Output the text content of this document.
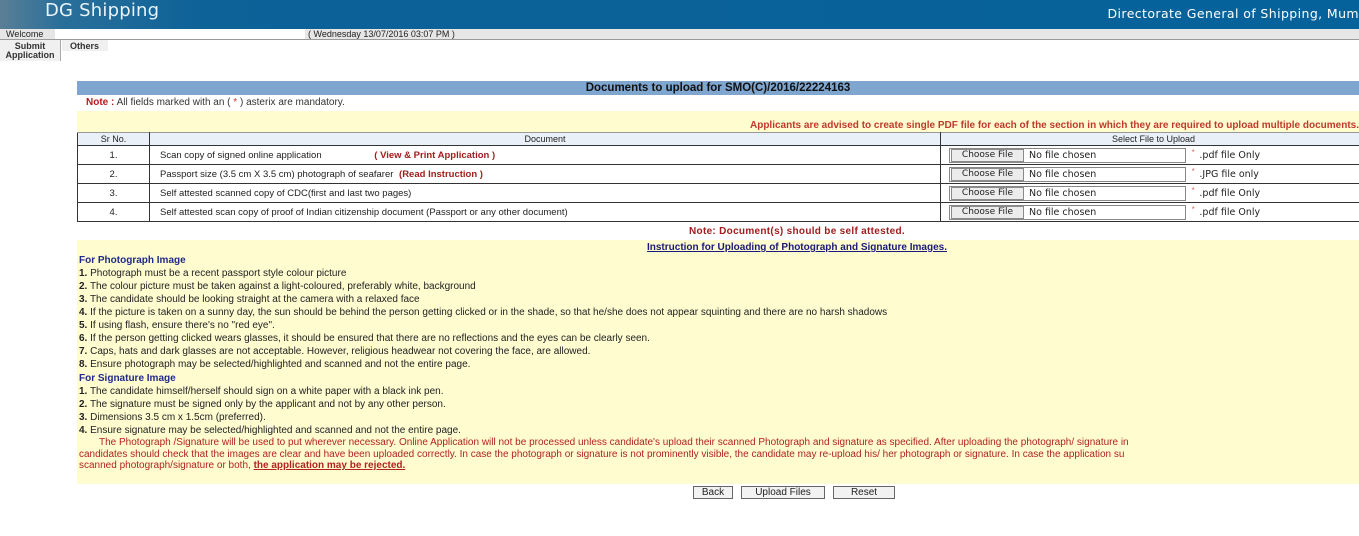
DG Shipping	Directorate General of Shipping, Mum
Welcome	( Wednesday 13/07/2016 03:07 PM )
Submit Application
Others
Documents to upload for SMO(C)/2016/22224163
Note : All fields marked with an ( * ) asterix are mandatory.
Applicants are advised to create single PDF file for each of the section in which they are required to upload multiple documents.
Sr No.	Document	Select File to Upload
1.	Scan copy of signed online application ( View & Print Application )	Choose File No file chosen * .pdf file Only
2.	Passport size (3.5 cm X 3.5 cm) photograph of seafarer (Read Instruction )	Choose File No file chosen * .JPG file only
3.	Self attested scanned copy of CDC(first and last two pages)	Choose File No file chosen * .pdf file Only
4.	Self attested scan copy of proof of Indian citizenship document (Passport or any other document)	Choose File No file chosen * .pdf file Only
Note: Document(s) should be self attested.
Instruction for Uploading of Photograph and Signature Images.
For Photograph Image
1. Photograph must be a recent passport style colour picture
2. The colour picture must be taken against a light-coloured, preferably white, background
3. The candidate should be looking straight at the camera with a relaxed face
4. If the picture is taken on a sunny day, the sun should be behind the person getting clicked or in the shade, so that he/she does not appear squinting and there are no harsh shadows
5. If using flash, ensure there's no "red eye".
6. If the person getting clicked wears glasses, it should be ensured that there are no reflections and the eyes can be clearly seen.
7. Caps, hats and dark glasses are not acceptable. However, religious headwear not covering the face, are allowed.
8. Ensure photograph may be selected/highlighted and scanned and not the entire page.
For Signature Image
1. The candidate himself/herself should sign on a white paper with a black ink pen.
2. The signature must be signed only by the applicant and not by any other person.
3. Dimensions 3.5 cm x 1.5cm (preferred).
4. Ensure signature may be selected/highlighted and scanned and not the entire page.
The Photograph /Signature will be used to put wherever necessary. Online Application will not be processed unless candidate's upload their scanned Photograph and signature as specified. After uploading the photograph/ signature in
candidates should check that the images are clear and have been uploaded correctly. In case the photograph or signature is not prominently visible, the candidate may re-upload his/ her photograph or signature. In case the application su
scanned photograph/signature or both, the application may be rejected.
Back	Upload Files	Reset
